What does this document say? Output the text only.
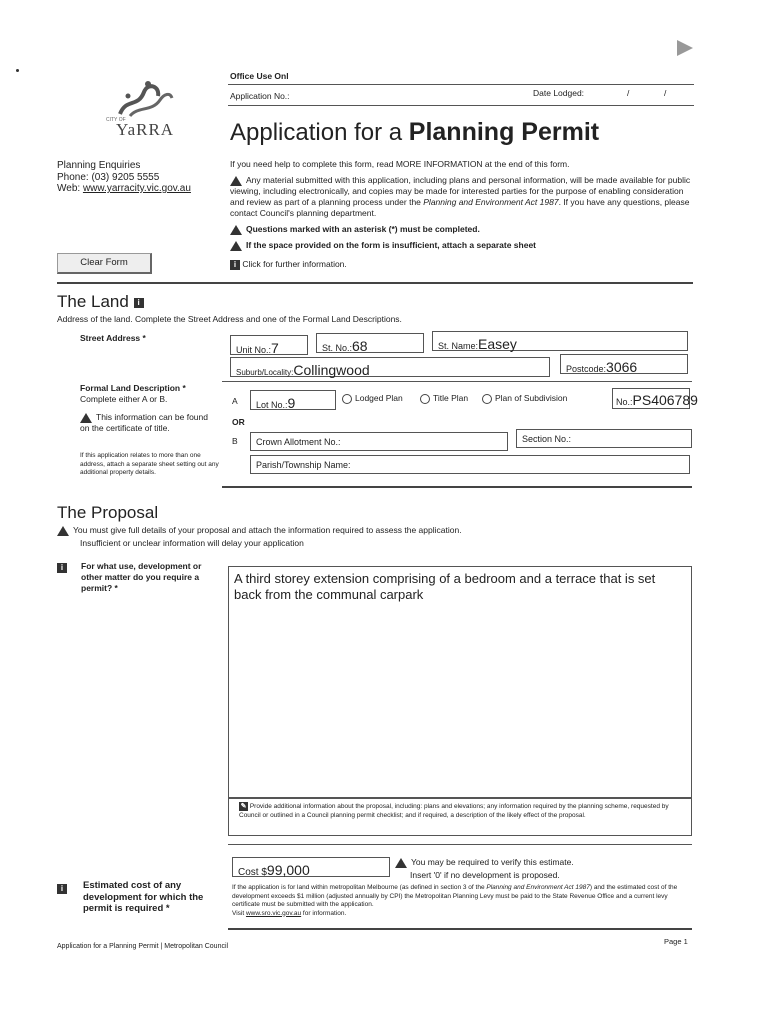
Office Use Onl
Application No.:	Date Lodged:	/	/
CITY OF
YaRRA
Planning Enquiries
Phone: (03) 9205 5555
Web: www.yarracity.vic.gov.au
Application for a Planning Permit
If you need help to complete this form, read MORE INFORMATION at the end of this form.
Any material submitted with this application, including plans and personal information, will be made available for public viewing, including electronically, and copies may be made for interested parties for the purpose of enabling consideration and review as part of a planning process under the Planning and Environment Act 1987. If you have any questions, please contact Council's planning department.
Questions marked with an asterisk (*) must be completed.
If the space provided on the form is insufficient, attach a separate sheet
i Click for further information.
Clear Form
The Land i
Address of the land. Complete the Street Address and one of the Formal Land Descriptions.
Street Address *
Unit No.:7	St. No.:68	St. Name:Easey
Suburb/Locality:Collingwood	Postcode:3066
Formal Land Description *
Complete either A or B.
This information can be found on the certificate of title.
If this application relates to more than one address, attach a separate sheet setting out any additional property details.
A Lot No.:9	Lodged Plan	Title Plan	Plan of Subdivision	No.:PS406789
OR
B Crown Allotment No.:	Section No.:
Parish/Township Name:
The Proposal
You must give full details of your proposal and attach the information required to assess the application.
Insufficient or unclear information will delay your application
i	For what use, development or other matter do you require a permit? *
A third storey extension comprising of a bedroom and a terrace that is set back from the communal carpark
✎ Provide additional information about the proposal, including: plans and elevations; any information required by the planning scheme, requested by Council or outlined in a Council planning permit checklist; and if required, a description of the likely effect of the proposal.
Cost $99,000	You may be required to verify this estimate.
Insert '0' if no development is proposed.
i	Estimated cost of any development for which the permit is required *
If the application is for land within metropolitan Melbourne (as defined in section 3 of the Planning and Environment Act 1987) and the estimated cost of the development exceeds $1 million (adjusted annually by CPI) the Metropolitan Planning Levy must be paid to the State Revenue Office and a current levy certificate must be submitted with the application.
Visit www.sro.vic.gov.au for information.
Application for a Planning Permit | Metropolitan Council
Page 1
